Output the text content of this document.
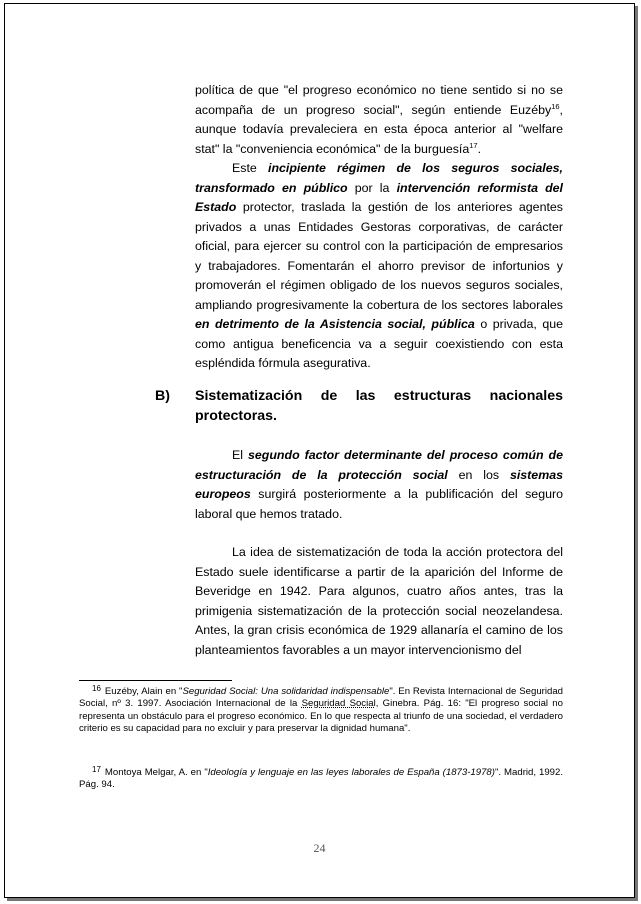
política de que "el progreso económico no tiene sentido si no se acompaña de un progreso social", según entiende Euzéby$^{16}$, aunque todavía prevaleciera en esta época anterior al "welfare stat" la "conveniencia económica" de la burguesía$^{17}$.

Este incipiente régimen de los seguros sociales, transformado en público por la intervención reformista del Estado protector, traslada la gestión de los anteriores agentes privados a unas Entidades Gestoras corporativas, de carácter oficial, para ejercer su control con la participación de empresarios y trabajadores. Fomentarán el ahorro previsor de infortunios y promoverán el régimen obligado de los nuevos seguros sociales, ampliando progresivamente la cobertura de los sectores laborales en detrimento de la Asistencia social, pública o privada, que como antigua beneficencia va a seguir coexistiendo con esta espléndida fórmula asegurativa.

B) Sistematización de las estructuras nacionales
protectoras.

El segundo factor determinante del proceso común de estructuración de la protección social en los sistemas europeos surgirá posteriormente a la publificación del seguro laboral que hemos tratado.

La idea de sistematización de toda la acción protectora del Estado suele identificarse a partir de la aparición del Informe de Beveridge en 1942. Para algunos, cuatro años antes, tras la primigenia sistematización de la protección social neozelandesa. Antes, la gran crisis económica de 1929 allanaría el camino de los planteamientos favorables a un mayor intervencionismo del

$^{16}$ Euzéby, Alain en "Seguridad Social: Una solidaridad indispensable". En Revista Internacional de Seguridad Social, nº 3. 1997. Asociación Internacional de la Seguridad Social, Ginebra. Pág. 16: "El progreso social no representa un obstáculo para el progreso económico. En lo que respecta al triunfo de una sociedad, el verdadero criterio es su capacidad para no excluir y para preservar la dignidad humana".
$^{17}$ Montoya Melgar, A. en "Ideología y lenguaje en las leyes laborales de España (1873-1978)". Madrid, 1992. Pág. 94.
24
